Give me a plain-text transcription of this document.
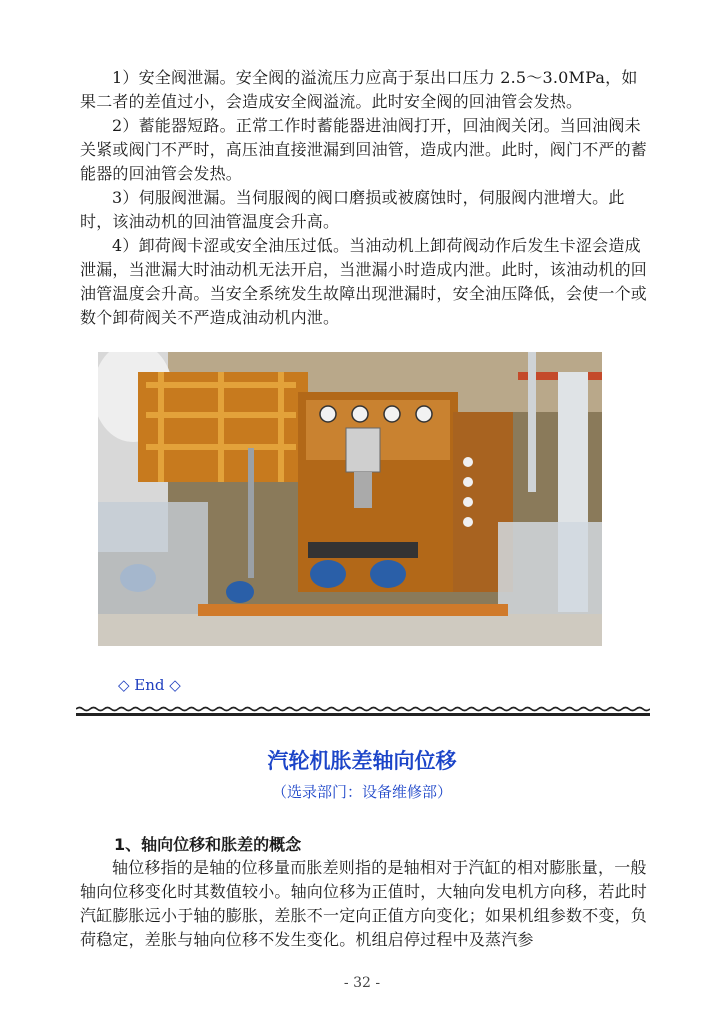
1）安全阀泄漏。安全阀的溢流压力应高于泵出口压力 2.5～3.0MPa，如果二者的差值过小，会造成安全阀溢流。此时安全阀的回油管会发热。

2）蓄能器短路。正常工作时蓄能器进油阀打开，回油阀关闭。当回油阀未关紧或阀门不严时，高压油直接泄漏到回油管，造成内泄。此时，阀门不严的蓄能器的回油管会发热。

3）伺服阀泄漏。当伺服阀的阀口磨损或被腐蚀时，伺服阀内泄增大。此时，该油动机的回油管温度会升高。

4）卸荷阀卡涩或安全油压过低。当油动机上卸荷阀动作后发生卡涩会造成泄漏，当泄漏大时油动机无法开启，当泄漏小时造成内泄。此时，该油动机的回油管温度会升高。当安全系统发生故障出现泄漏时，安全油压降低，会使一个或数个卸荷阀关不严造成油动机内泄。

◇ End ◇
汽轮机胀差轴向位移
（选录部门：设备维修部）
1、轴向位移和胀差的概念

轴位移指的是轴的位移量而胀差则指的是轴相对于汽缸的相对膨胀量，一般轴向位移变化时其数值较小。轴向位移为正值时，大轴向发电机方向移，若此时汽缸膨胀远小于轴的膨胀，差胀不一定向正值方向变化；如果机组参数不变，负荷稳定，差胀与轴向位移不发生变化。机组启停过程中及蒸汽参

- 32 -
